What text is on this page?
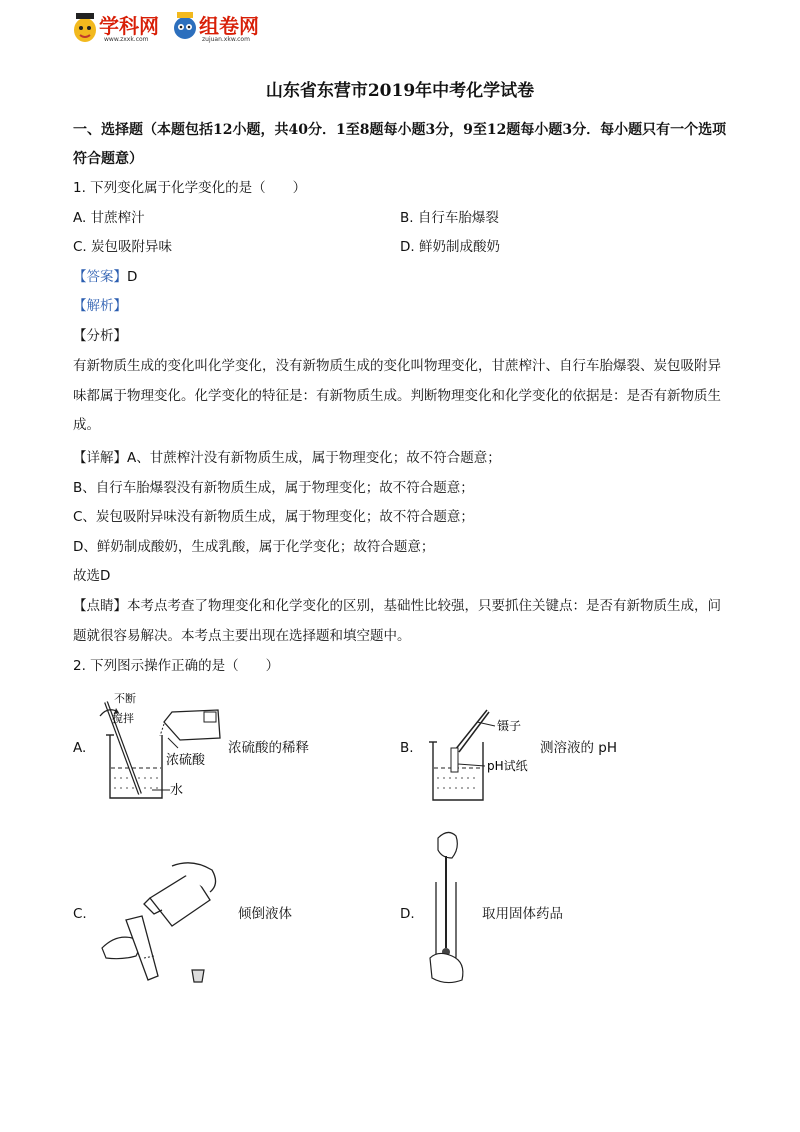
学科网
www.zxxk.com
组卷网
zujuan.xkw.com
山东省东营市2019年中考化学试卷
一、选择题（本题包括12小题，共40分．1至8题每小题3分，9至12题每小题3分．每小题只有一个选项符合题意）
1. 下列变化属于化学变化的是（　　）
A. 甘蔗榨汁	B. 自行车胎爆裂
C. 炭包吸附异味	D. 鲜奶制成酸奶
【答案】D
【解析】
【分析】
有新物质生成的变化叫化学变化，没有新物质生成的变化叫物理变化，甘蔗榨汁、自行车胎爆裂、炭包吸附异味都属于物理变化。化学变化的特征是：有新物质生成。判断物理变化和化学变化的依据是：是否有新物质生成。
【详解】A、甘蔗榨汁没有新物质生成，属于物理变化；故不符合题意；
B、自行车胎爆裂没有新物质生成，属于物理变化；故不符合题意；
C、炭包吸附异味没有新物质生成，属于物理变化；故不符合题意；
D、鲜奶制成酸奶，生成乳酸，属于化学变化；故符合题意；
故选D
【点睛】本考点考查了物理变化和化学变化的区别，基础性比较强，只要抓住关键点：是否有新物质生成，问题就很容易解决。本考点主要出现在选择题和填空题中。
2. 下列图示操作正确的是（　　）
A.
不断
搅拌
浓硫酸
水
浓硫酸的稀释	B.
镊子
pH试纸
测溶液的 pH
C.	倾倒液体	D.	取用固体药品
